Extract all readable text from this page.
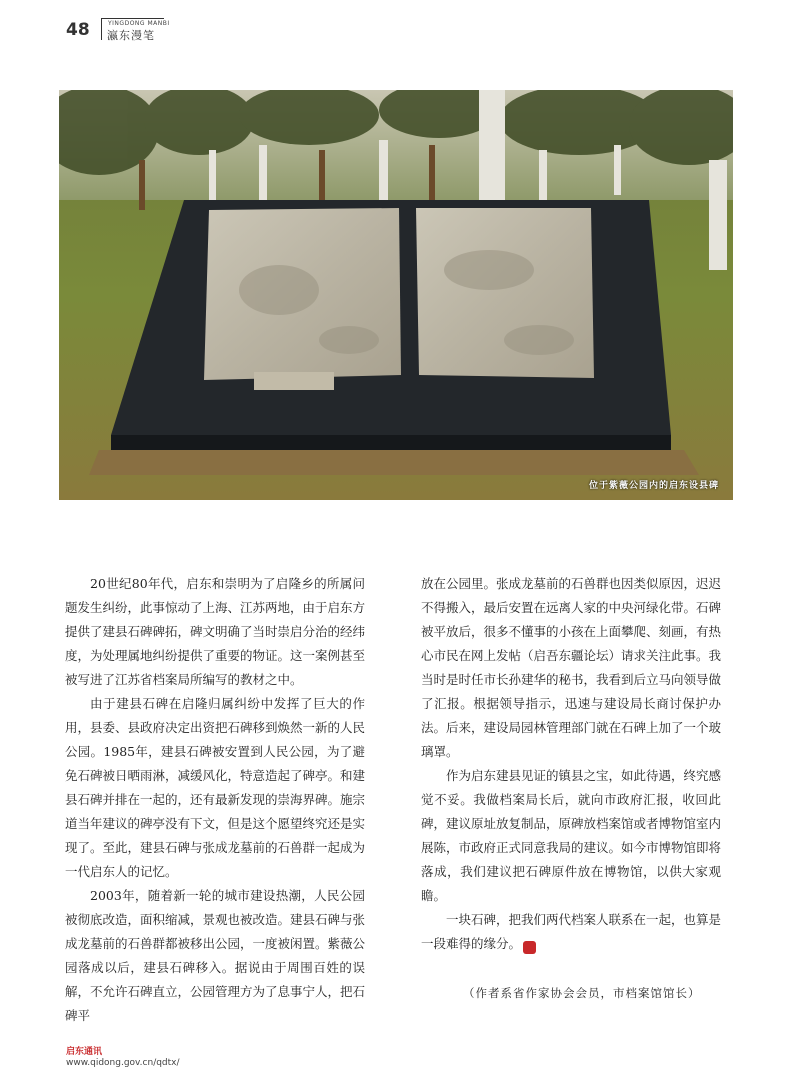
48	YINGDONG MANBI
瀛东漫笔
位于紫薇公园内的启东设县碑

20世纪80年代，启东和崇明为了启隆乡的所属问题发生纠纷，此事惊动了上海、江苏两地，由于启东方提供了建县石碑碑拓，碑文明确了当时崇启分治的经纬度，为处理属地纠纷提供了重要的物证。这一案例甚至被写进了江苏省档案局所编写的教材之中。

由于建县石碑在启隆归属纠纷中发挥了巨大的作用，县委、县政府决定出资把石碑移到焕然一新的人民公园。1985年，建县石碑被安置到人民公园，为了避免石碑被日晒雨淋，减缓风化，特意造起了碑亭。和建县石碑并排在一起的，还有最新发现的崇海界碑。施宗道当年建议的碑亭没有下文，但是这个愿望终究还是实现了。至此，建县石碑与张成龙墓前的石兽群一起成为一代启东人的记忆。

2003年，随着新一轮的城市建设热潮，人民公园被彻底改造，面积缩减，景观也被改造。建县石碑与张成龙墓前的石兽群都被移出公园，一度被闲置。紫薇公园落成以后，建县石碑移入。据说由于周围百姓的误解，不允许石碑直立，公园管理方为了息事宁人，把石碑平

放在公园里。张成龙墓前的石兽群也因类似原因，迟迟不得搬入，最后安置在远离人家的中央河绿化带。石碑被平放后，很多不懂事的小孩在上面攀爬、刻画，有热心市民在网上发帖（启吾东疆论坛）请求关注此事。我当时是时任市长孙建华的秘书，我看到后立马向领导做了汇报。根据领导指示，迅速与建设局长商讨保护办法。后来，建设局园林管理部门就在石碑上加了一个玻璃罩。

作为启东建县见证的镇县之宝，如此待遇，终究感觉不妥。我做档案局长后，就向市政府汇报，收回此碑，建议原址放复制品，原碑放档案馆或者博物馆室内展陈，市政府正式同意我局的建议。如今市博物馆即将落成，我们建议把石碑原件放在博物馆，以供大家观瞻。

一块石碑，把我们两代档案人联系在一起，也算是一段难得的缘分。	启

（作者系省作家协会会员，市档案馆馆长）
启东通讯
www.qidong.gov.cn/qdtx/
